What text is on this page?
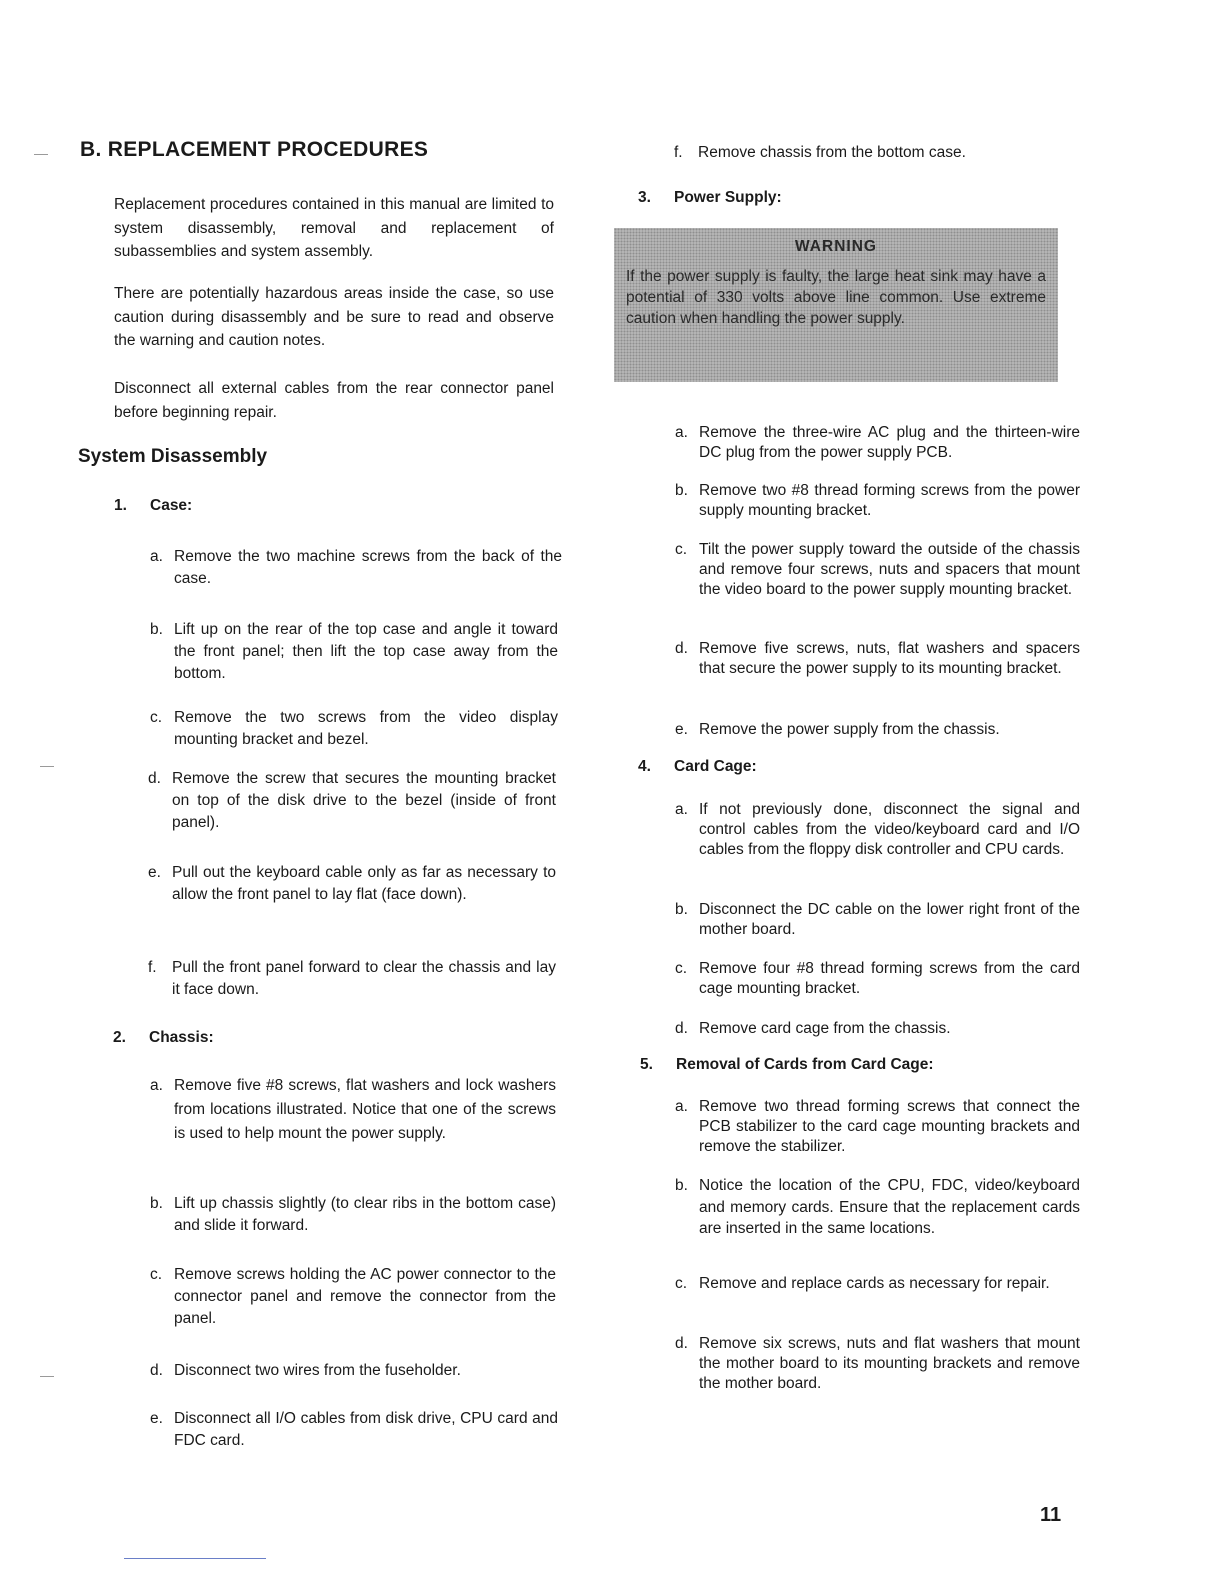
B. REPLACEMENT PROCEDURES
Replacement procedures contained in this manual are limited to system disassembly, removal and replacement of subassemblies and system assembly.
There are potentially hazardous areas inside the case, so use caution during disassembly and be sure to read and observe the warning and caution notes.
Disconnect all external cables from the rear connector panel before beginning repair.
System Disassembly
1. Case:
a. Remove the two machine screws from the back of the case.
b. Lift up on the rear of the top case and angle it toward the front panel; then lift the top case away from the bottom.
c. Remove the two screws from the video display mounting bracket and bezel.
d. Remove the screw that secures the mounting bracket on top of the disk drive to the bezel (inside of front panel).
e. Pull out the keyboard cable only as far as necessary to allow the front panel to lay flat (face down).
f. Pull the front panel forward to clear the chassis and lay it face down.
2. Chassis:
a. Remove five #8 screws, flat washers and lock washers from locations illustrated. Notice that one of the screws is used to help mount the power supply.
b. Lift up chassis slightly (to clear ribs in the bottom case) and slide it forward.
c. Remove screws holding the AC power connector to the connector panel and remove the connector from the panel.
d. Disconnect two wires from the fuseholder.
e. Disconnect all I/O cables from disk drive, CPU card and FDC card.
f. Remove chassis from the bottom case.
3. Power Supply:
WARNING
If the power supply is faulty, the large heat sink may have a potential of 330 volts above line common. Use extreme caution when handling the power supply.
a. Remove the three-wire AC plug and the thirteen-wire DC plug from the power supply PCB.
b. Remove two #8 thread forming screws from the power supply mounting bracket.
c. Tilt the power supply toward the outside of the chassis and remove four screws, nuts and spacers that mount the video board to the power supply mounting bracket.
d. Remove five screws, nuts, flat washers and spacers that secure the power supply to its mounting bracket.
e. Remove the power supply from the chassis.
4. Card Cage:
a. If not previously done, disconnect the signal and control cables from the video/keyboard card and I/O cables from the floppy disk controller and CPU cards.
b. Disconnect the DC cable on the lower right front of the mother board.
c. Remove four #8 thread forming screws from the card cage mounting bracket.
d. Remove card cage from the chassis.
5. Removal of Cards from Card Cage:
a. Remove two thread forming screws that connect the PCB stabilizer to the card cage mounting brackets and remove the stabilizer.
b. Notice the location of the CPU, FDC, video/keyboard and memory cards. Ensure that the replacement cards are inserted in the same locations.
c. Remove and replace cards as necessary for repair.
d. Remove six screws, nuts and flat washers that mount the mother board to its mounting brackets and remove the mother board.
11
